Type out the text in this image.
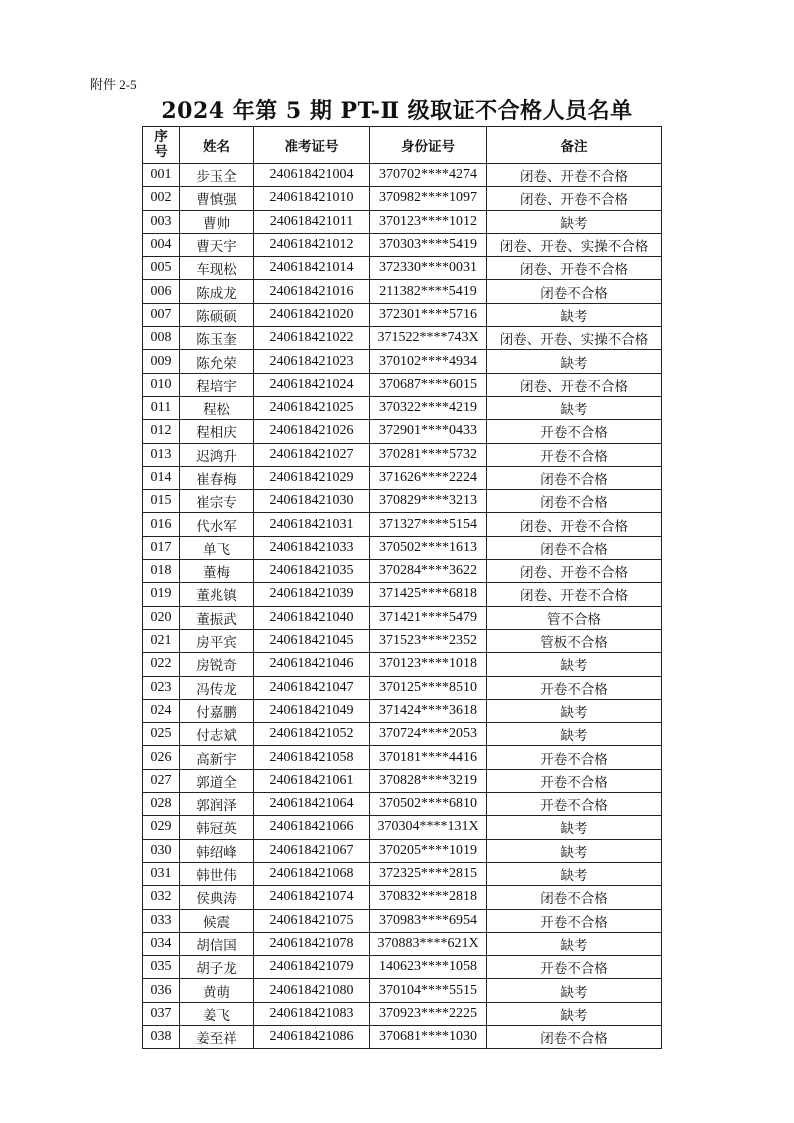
附件 2-5
2024 年第 5 期 PT-Ⅱ 级取证不合格人员名单
序
号	姓名	准考证号	身份证号	备注
001	步玉全	240618421004	370702****4274	闭卷、开卷不合格
002	曹慎强	240618421010	370982****1097	闭卷、开卷不合格
003	曹帅	240618421011	370123****1012	缺考
004	曹天宇	240618421012	370303****5419	闭卷、开卷、实操不合格
005	车现松	240618421014	372330****0031	闭卷、开卷不合格
006	陈成龙	240618421016	211382****5419	闭卷不合格
007	陈硕硕	240618421020	372301****5716	缺考
008	陈玉奎	240618421022	371522****743X	闭卷、开卷、实操不合格
009	陈允荣	240618421023	370102****4934	缺考
010	程培宇	240618421024	370687****6015	闭卷、开卷不合格
011	程松	240618421025	370322****4219	缺考
012	程相庆	240618421026	372901****0433	开卷不合格
013	迟鸿升	240618421027	370281****5732	开卷不合格
014	崔春梅	240618421029	371626****2224	闭卷不合格
015	崔宗专	240618421030	370829****3213	闭卷不合格
016	代水军	240618421031	371327****5154	闭卷、开卷不合格
017	单飞	240618421033	370502****1613	闭卷不合格
018	董梅	240618421035	370284****3622	闭卷、开卷不合格
019	董兆镇	240618421039	371425****6818	闭卷、开卷不合格
020	董振武	240618421040	371421****5479	管不合格
021	房平宾	240618421045	371523****2352	管板不合格
022	房锐奇	240618421046	370123****1018	缺考
023	冯传龙	240618421047	370125****8510	开卷不合格
024	付嘉鹏	240618421049	371424****3618	缺考
025	付志斌	240618421052	370724****2053	缺考
026	高新宇	240618421058	370181****4416	开卷不合格
027	郭道全	240618421061	370828****3219	开卷不合格
028	郭润泽	240618421064	370502****6810	开卷不合格
029	韩冠英	240618421066	370304****131X	缺考
030	韩绍峰	240618421067	370205****1019	缺考
031	韩世伟	240618421068	372325****2815	缺考
032	侯典涛	240618421074	370832****2818	闭卷不合格
033	候震	240618421075	370983****6954	开卷不合格
034	胡信国	240618421078	370883****621X	缺考
035	胡子龙	240618421079	140623****1058	开卷不合格
036	黄萌	240618421080	370104****5515	缺考
037	姜飞	240618421083	370923****2225	缺考
038	姜至祥	240618421086	370681****1030	闭卷不合格
